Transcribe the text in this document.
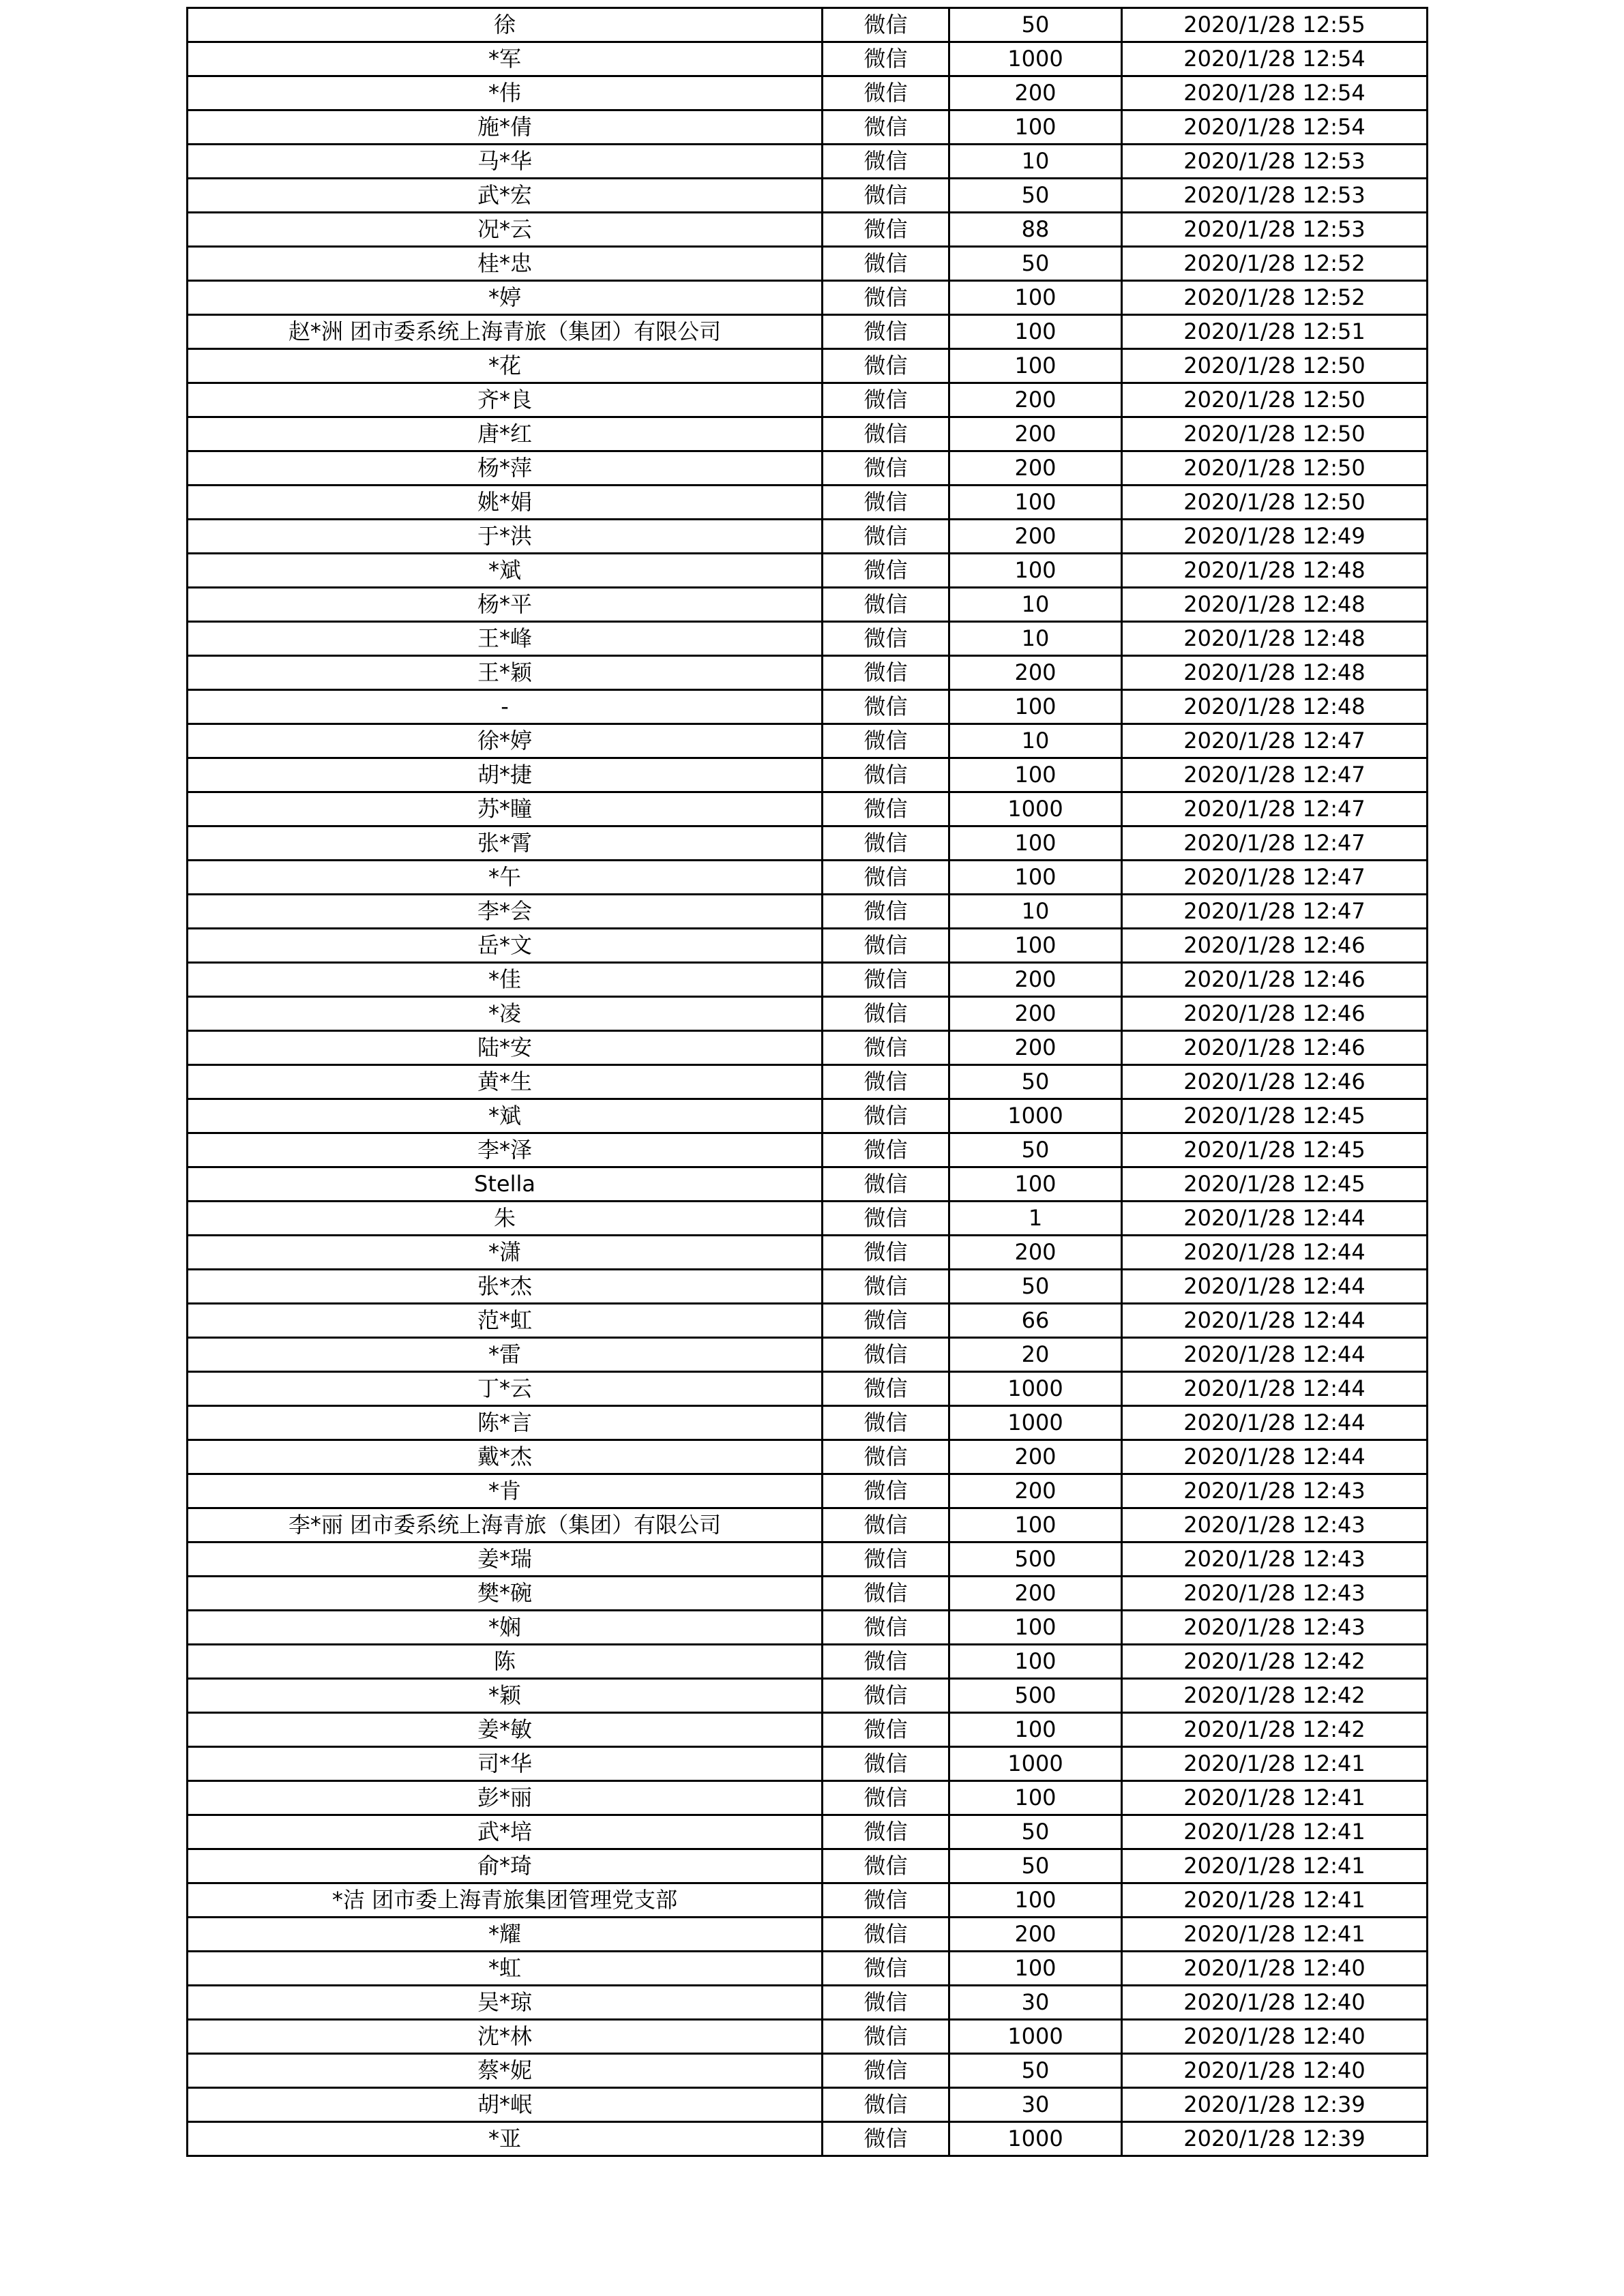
徐	微信	50	2020/1/28 12:55
*军	微信	1000	2020/1/28 12:54
*伟	微信	200	2020/1/28 12:54
施*倩	微信	100	2020/1/28 12:54
马*华	微信	10	2020/1/28 12:53
武*宏	微信	50	2020/1/28 12:53
况*云	微信	88	2020/1/28 12:53
桂*忠	微信	50	2020/1/28 12:52
*婷	微信	100	2020/1/28 12:52
赵*洲 团市委系统上海青旅（集团）有限公司	微信	100	2020/1/28 12:51
*花	微信	100	2020/1/28 12:50
齐*良	微信	200	2020/1/28 12:50
唐*红	微信	200	2020/1/28 12:50
杨*萍	微信	200	2020/1/28 12:50
姚*娟	微信	100	2020/1/28 12:50
于*洪	微信	200	2020/1/28 12:49
*斌	微信	100	2020/1/28 12:48
杨*平	微信	10	2020/1/28 12:48
王*峰	微信	10	2020/1/28 12:48
王*颖	微信	200	2020/1/28 12:48
-	微信	100	2020/1/28 12:48
徐*婷	微信	10	2020/1/28 12:47
胡*捷	微信	100	2020/1/28 12:47
苏*瞳	微信	1000	2020/1/28 12:47
张*霄	微信	100	2020/1/28 12:47
*午	微信	100	2020/1/28 12:47
李*会	微信	10	2020/1/28 12:47
岳*文	微信	100	2020/1/28 12:46
*佳	微信	200	2020/1/28 12:46
*凌	微信	200	2020/1/28 12:46
陆*安	微信	200	2020/1/28 12:46
黄*生	微信	50	2020/1/28 12:46
*斌	微信	1000	2020/1/28 12:45
李*泽	微信	50	2020/1/28 12:45
Stella	微信	100	2020/1/28 12:45
朱	微信	1	2020/1/28 12:44
*潇	微信	200	2020/1/28 12:44
张*杰	微信	50	2020/1/28 12:44
范*虹	微信	66	2020/1/28 12:44
*雷	微信	20	2020/1/28 12:44
丁*云	微信	1000	2020/1/28 12:44
陈*言	微信	1000	2020/1/28 12:44
戴*杰	微信	200	2020/1/28 12:44
*肯	微信	200	2020/1/28 12:43
李*丽 团市委系统上海青旅（集团）有限公司	微信	100	2020/1/28 12:43
姜*瑞	微信	500	2020/1/28 12:43
樊*碗	微信	200	2020/1/28 12:43
*娴	微信	100	2020/1/28 12:43
陈	微信	100	2020/1/28 12:42
*颖	微信	500	2020/1/28 12:42
姜*敏	微信	100	2020/1/28 12:42
司*华	微信	1000	2020/1/28 12:41
彭*丽	微信	100	2020/1/28 12:41
武*培	微信	50	2020/1/28 12:41
俞*琦	微信	50	2020/1/28 12:41
*洁 团市委上海青旅集团管理党支部	微信	100	2020/1/28 12:41
*耀	微信	200	2020/1/28 12:41
*虹	微信	100	2020/1/28 12:40
吴*琼	微信	30	2020/1/28 12:40
沈*林	微信	1000	2020/1/28 12:40
蔡*妮	微信	50	2020/1/28 12:40
胡*岷	微信	30	2020/1/28 12:39
*亚	微信	1000	2020/1/28 12:39
